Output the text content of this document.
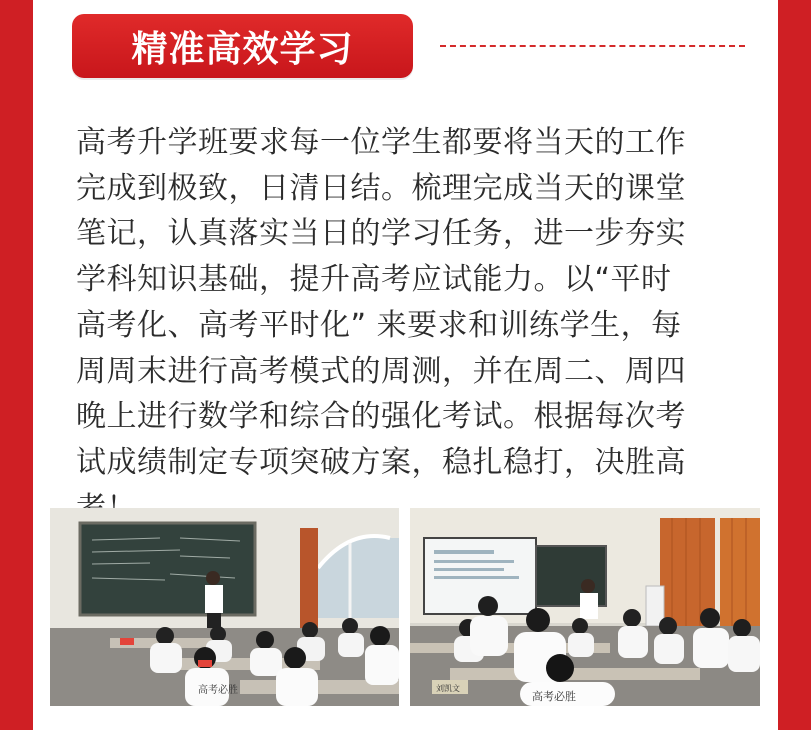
精准高效学习
高考升学班要求每一位学生都要将当天的工作
完成到极致，日清日结。梳理完成当天的课堂
笔记，认真落实当日的学习任务，进一步夯实
学科知识基础，提升高考应试能力。以“平时
高考化、高考平时化” 来要求和训练学生，每
周周末进行高考模式的周测，并在周二、周四
晚上进行数学和综合的强化考试。根据每次考
试成绩制定专项突破方案，稳扎稳打，决胜高

高考必胜	高考必胜
刘凯文
